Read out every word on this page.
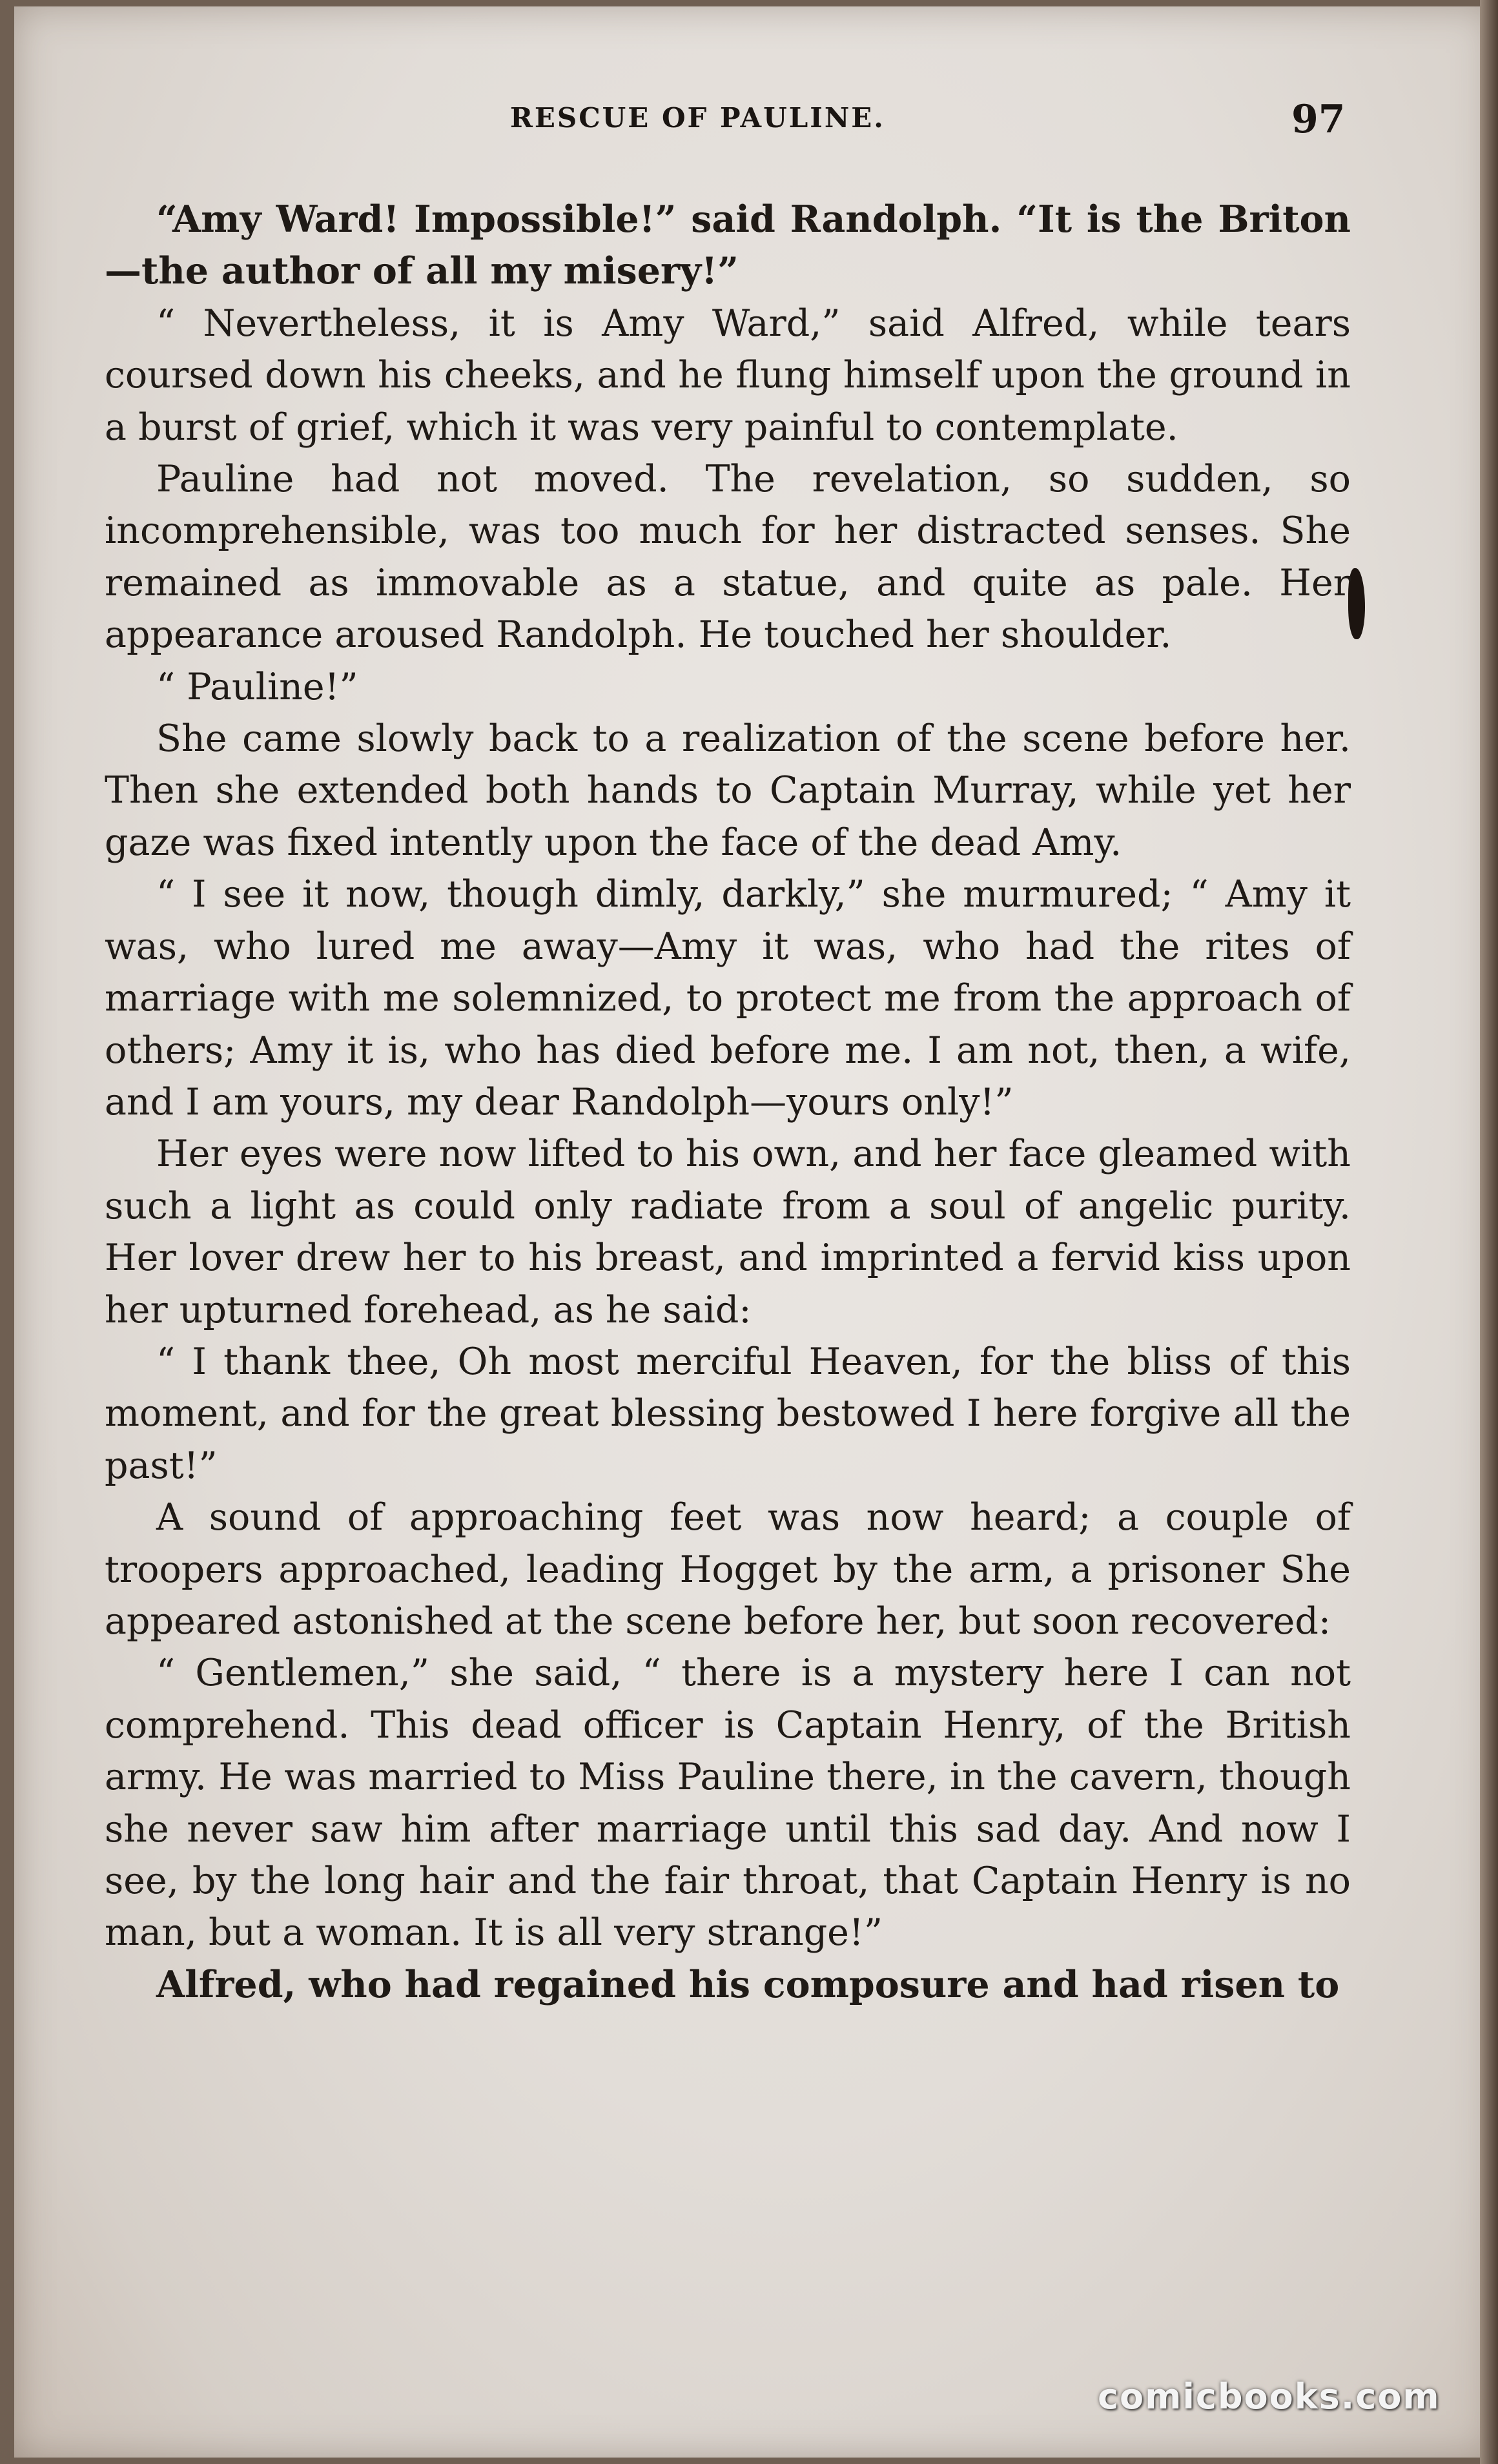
RESCUE OF PAULINE.	97

“Amy Ward! Impossible!” said Randolph. “It is the Briton—the author of all my misery!”

“ Nevertheless, it is Amy Ward,” said Alfred, while tears coursed down his cheeks, and he flung himself upon the ground in a burst of grief, which it was very painful to contemplate.

Pauline had not moved. The revelation, so sudden, so incomprehensible, was too much for her distracted senses. She remained as immovable as a statue, and quite as pale. Her appearance aroused Randolph. He touched her shoulder.

“ Pauline!”

She came slowly back to a realization of the scene before her. Then she extended both hands to Captain Murray, while yet her gaze was fixed intently upon the face of the dead Amy.

“ I see it now, though dimly, darkly,” she murmured; “ Amy it was, who lured me away—Amy it was, who had the rites of marriage with me solemnized, to protect me from the approach of others; Amy it is, who has died before me. I am not, then, a wife, and I am yours, my dear Randolph—yours only!”

Her eyes were now lifted to his own, and her face gleamed with such a light as could only radiate from a soul of angelic purity. Her lover drew her to his breast, and imprinted a fervid kiss upon her upturned forehead, as he said:

“ I thank thee, Oh most merciful Heaven, for the bliss of this moment, and for the great blessing bestowed I here forgive all the past!”

A sound of approaching feet was now heard; a couple of troopers approached, leading Hogget by the arm, a prisoner She appeared astonished at the scene before her, but soon recovered:

“ Gentlemen,” she said, “ there is a mystery here I can not comprehend. This dead officer is Captain Henry, of the British army. He was married to Miss Pauline there, in the cavern, though she never saw him after marriage until this sad day. And now I see, by the long hair and the fair throat, that Captain Henry is no man, but a woman. It is all very strange!”

Alfred, who had regained his composure and had risen to

comicbooks.com
